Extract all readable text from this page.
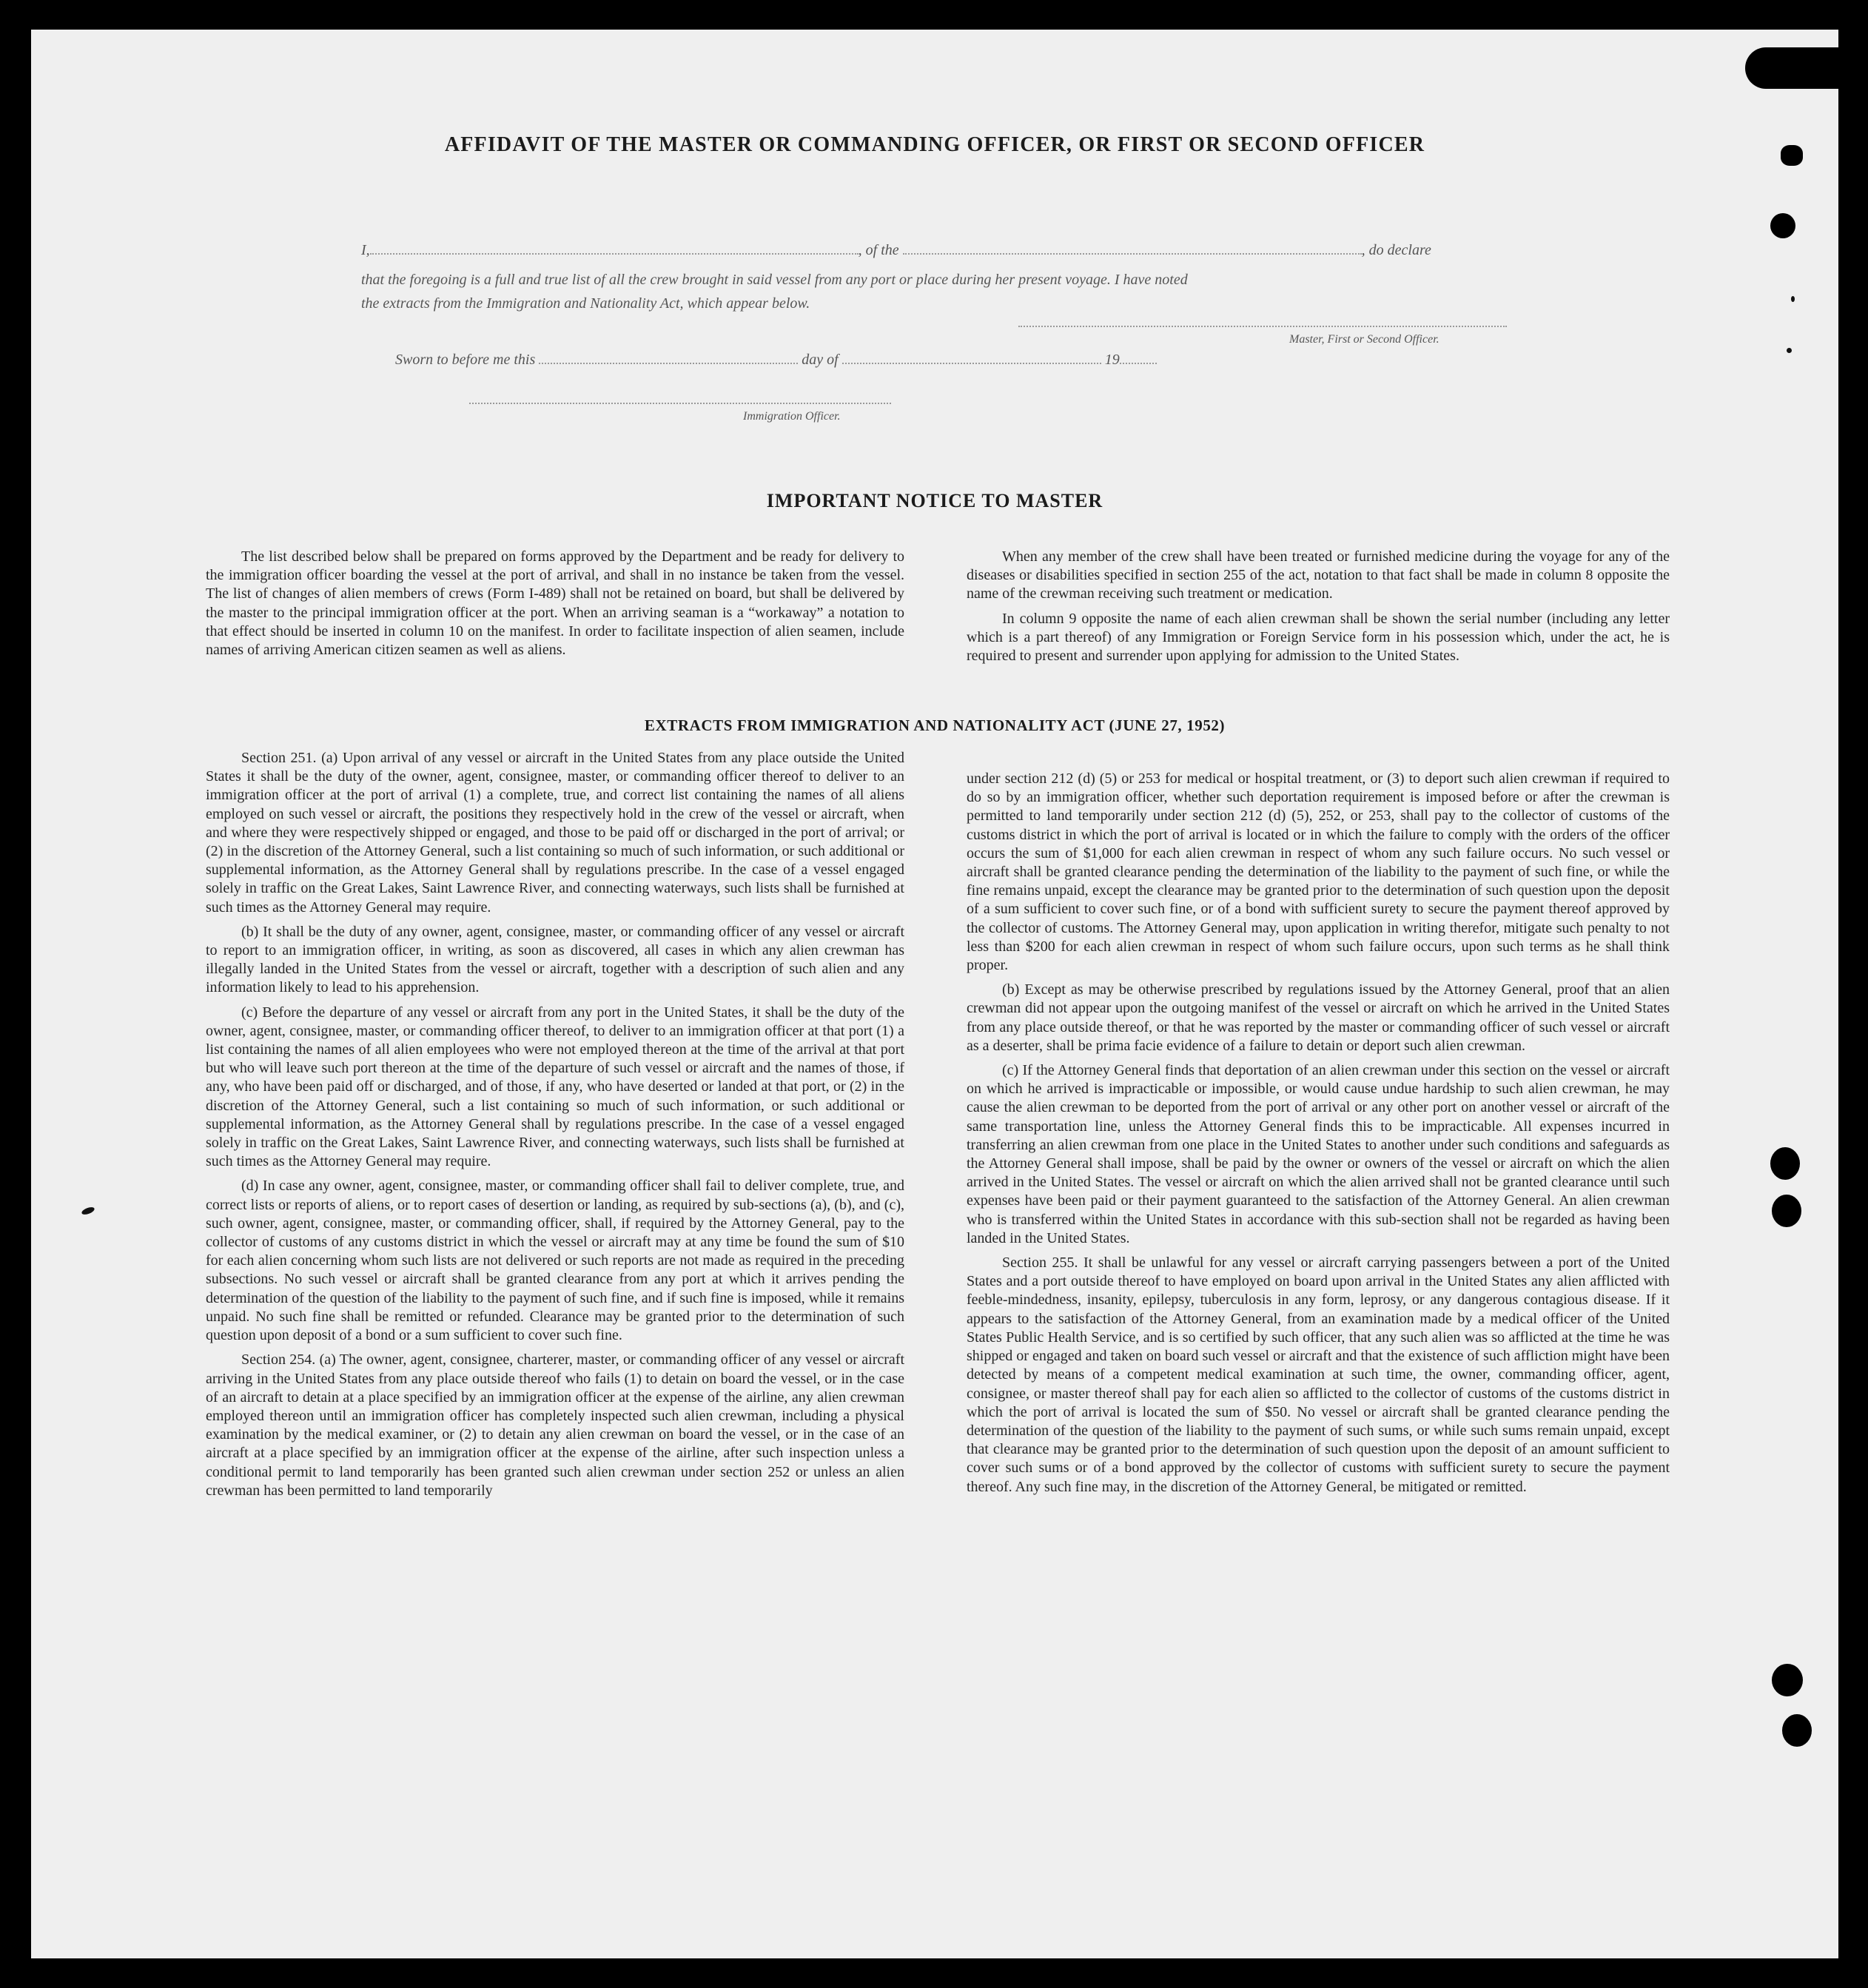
AFFIDAVIT OF THE MASTER OR COMMANDING OFFICER, OR FIRST OR SECOND OFFICER
I,	, of the	, do declare
that the foregoing is a full and true list of all the crew brought in said vessel from any port or place during her present voyage. I have noted
the extracts from the Immigration and Nationality Act, which appear below.
Master, First or Second Officer.
Sworn to before me this	day of	19
Immigration Officer.
IMPORTANT NOTICE TO MASTER

The list described below shall be prepared on forms approved by the Department and be ready for delivery to the immigration officer boarding the vessel at the port of arrival, and shall in no instance be taken from the vessel. The list of changes of alien members of crews (Form I-489) shall not be retained on board, but shall be delivered by the master to the principal immigration officer at the port. When an arriving seaman is a “workaway” a notation to that effect should be inserted in column 10 on the manifest. In order to facilitate inspection of alien seamen, include names of arriving American citizen seamen as well as aliens.

When any member of the crew shall have been treated or furnished medicine during the voyage for any of the diseases or disabilities specified in section 255 of the act, notation to that fact shall be made in column 8 opposite the name of the crewman receiving such treatment or medication.

In column 9 opposite the name of each alien crewman shall be shown the serial number (including any letter which is a part thereof) of any Immigration or Foreign Service form in his possession which, under the act, he is required to present and surrender upon applying for admission to the United States.

EXTRACTS FROM IMMIGRATION AND NATIONALITY ACT (JUNE 27, 1952)

Section 251. (a) Upon arrival of any vessel or aircraft in the United States from any place outside the United States it shall be the duty of the owner, agent, consignee, master, or commanding officer thereof to deliver to an immigration officer at the port of arrival (1) a complete, true, and correct list containing the names of all aliens employed on such vessel or aircraft, the positions they respectively hold in the crew of the vessel or aircraft, when and where they were respectively shipped or engaged, and those to be paid off or discharged in the port of arrival; or (2) in the discretion of the Attorney General, such a list containing so much of such information, or such additional or supplemental information, as the Attorney General shall by regulations prescribe. In the case of a vessel engaged solely in traffic on the Great Lakes, Saint Lawrence River, and connecting waterways, such lists shall be furnished at such times as the Attorney General may require.

(b) It shall be the duty of any owner, agent, consignee, master, or commanding officer of any vessel or aircraft to report to an immigration officer, in writing, as soon as discovered, all cases in which any alien crewman has illegally landed in the United States from the vessel or aircraft, together with a description of such alien and any information likely to lead to his apprehension.

(c) Before the departure of any vessel or aircraft from any port in the United States, it shall be the duty of the owner, agent, consignee, master, or commanding officer thereof, to deliver to an immigration officer at that port (1) a list containing the names of all alien employees who were not employed thereon at the time of the arrival at that port but who will leave such port thereon at the time of the departure of such vessel or aircraft and the names of those, if any, who have been paid off or discharged, and of those, if any, who have deserted or landed at that port, or (2) in the discretion of the Attorney General, such a list containing so much of such information, or such additional or supplemental information, as the Attorney General shall by regulations prescribe. In the case of a vessel engaged solely in traffic on the Great Lakes, Saint Lawrence River, and connecting waterways, such lists shall be furnished at such times as the Attorney General may require.

(d) In case any owner, agent, consignee, master, or commanding officer shall fail to deliver complete, true, and correct lists or reports of aliens, or to report cases of desertion or landing, as required by sub-sections (a), (b), and (c), such owner, agent, consignee, master, or commanding officer, shall, if required by the Attorney General, pay to the collector of customs of any customs district in which the vessel or aircraft may at any time be found the sum of $10 for each alien concerning whom such lists are not delivered or such reports are not made as required in the preceding subsections. No such vessel or aircraft shall be granted clearance from any port at which it arrives pending the determination of the question of the liability to the payment of such fine, and if such fine is imposed, while it remains unpaid. No such fine shall be remitted or refunded. Clearance may be granted prior to the determination of such question upon deposit of a bond or a sum sufficient to cover such fine.

Section 254. (a) The owner, agent, consignee, charterer, master, or commanding officer of any vessel or aircraft arriving in the United States from any place outside thereof who fails (1) to detain on board the vessel, or in the case of an aircraft to detain at a place specified by an immigration officer at the expense of the airline, any alien crewman employed thereon until an immigration officer has completely inspected such alien crewman, including a physical examination by the medical examiner, or (2) to detain any alien crewman on board the vessel, or in the case of an aircraft at a place specified by an immigration officer at the expense of the airline, after such inspection unless a conditional permit to land temporarily has been granted such alien crewman under section 252 or unless an alien crewman has been permitted to land temporarily

under section 212 (d) (5) or 253 for medical or hospital treatment, or (3) to deport such alien crewman if required to do so by an immigration officer, whether such deportation requirement is imposed before or after the crewman is permitted to land temporarily under section 212 (d) (5), 252, or 253, shall pay to the collector of customs of the customs district in which the port of arrival is located or in which the failure to comply with the orders of the officer occurs the sum of $1,000 for each alien crewman in respect of whom any such failure occurs. No such vessel or aircraft shall be granted clearance pending the determination of the liability to the payment of such fine, or while the fine remains unpaid, except the clearance may be granted prior to the determination of such question upon the deposit of a sum sufficient to cover such fine, or of a bond with sufficient surety to secure the payment thereof approved by the collector of customs. The Attorney General may, upon application in writing therefor, mitigate such penalty to not less than $200 for each alien crewman in respect of whom such failure occurs, upon such terms as he shall think proper.

(b) Except as may be otherwise prescribed by regulations issued by the Attorney General, proof that an alien crewman did not appear upon the outgoing manifest of the vessel or aircraft on which he arrived in the United States from any place outside thereof, or that he was reported by the master or commanding officer of such vessel or aircraft as a deserter, shall be prima facie evidence of a failure to detain or deport such alien crewman.

(c) If the Attorney General finds that deportation of an alien crewman under this section on the vessel or aircraft on which he arrived is impracticable or impossible, or would cause undue hardship to such alien crewman, he may cause the alien crewman to be deported from the port of arrival or any other port on another vessel or aircraft of the same transportation line, unless the Attorney General finds this to be impracticable. All expenses incurred in transferring an alien crewman from one place in the United States to another under such conditions and safeguards as the Attorney General shall impose, shall be paid by the owner or owners of the vessel or aircraft on which the alien arrived in the United States. The vessel or aircraft on which the alien arrived shall not be granted clearance until such expenses have been paid or their payment guaranteed to the satisfaction of the Attorney General. An alien crewman who is transferred within the United States in accordance with this sub-section shall not be regarded as having been landed in the United States.

Section 255. It shall be unlawful for any vessel or aircraft carrying passengers between a port of the United States and a port outside thereof to have employed on board upon arrival in the United States any alien afflicted with feeble-mindedness, insanity, epilepsy, tuberculosis in any form, leprosy, or any dangerous contagious disease. If it appears to the satisfaction of the Attorney General, from an examination made by a medical officer of the United States Public Health Service, and is so certified by such officer, that any such alien was so afflicted at the time he was shipped or engaged and taken on board such vessel or aircraft and that the existence of such affliction might have been detected by means of a competent medical examination at such time, the owner, commanding officer, agent, consignee, or master thereof shall pay for each alien so afflicted to the collector of customs of the customs district in which the port of arrival is located the sum of $50. No vessel or aircraft shall be granted clearance pending the determination of the question of the liability to the payment of such sums, or while such sums remain unpaid, except that clearance may be granted prior to the determination of such question upon the deposit of an amount sufficient to cover such sums or of a bond approved by the collector of customs with sufficient surety to secure the payment thereof. Any such fine may, in the discretion of the Attorney General, be mitigated or remitted.
